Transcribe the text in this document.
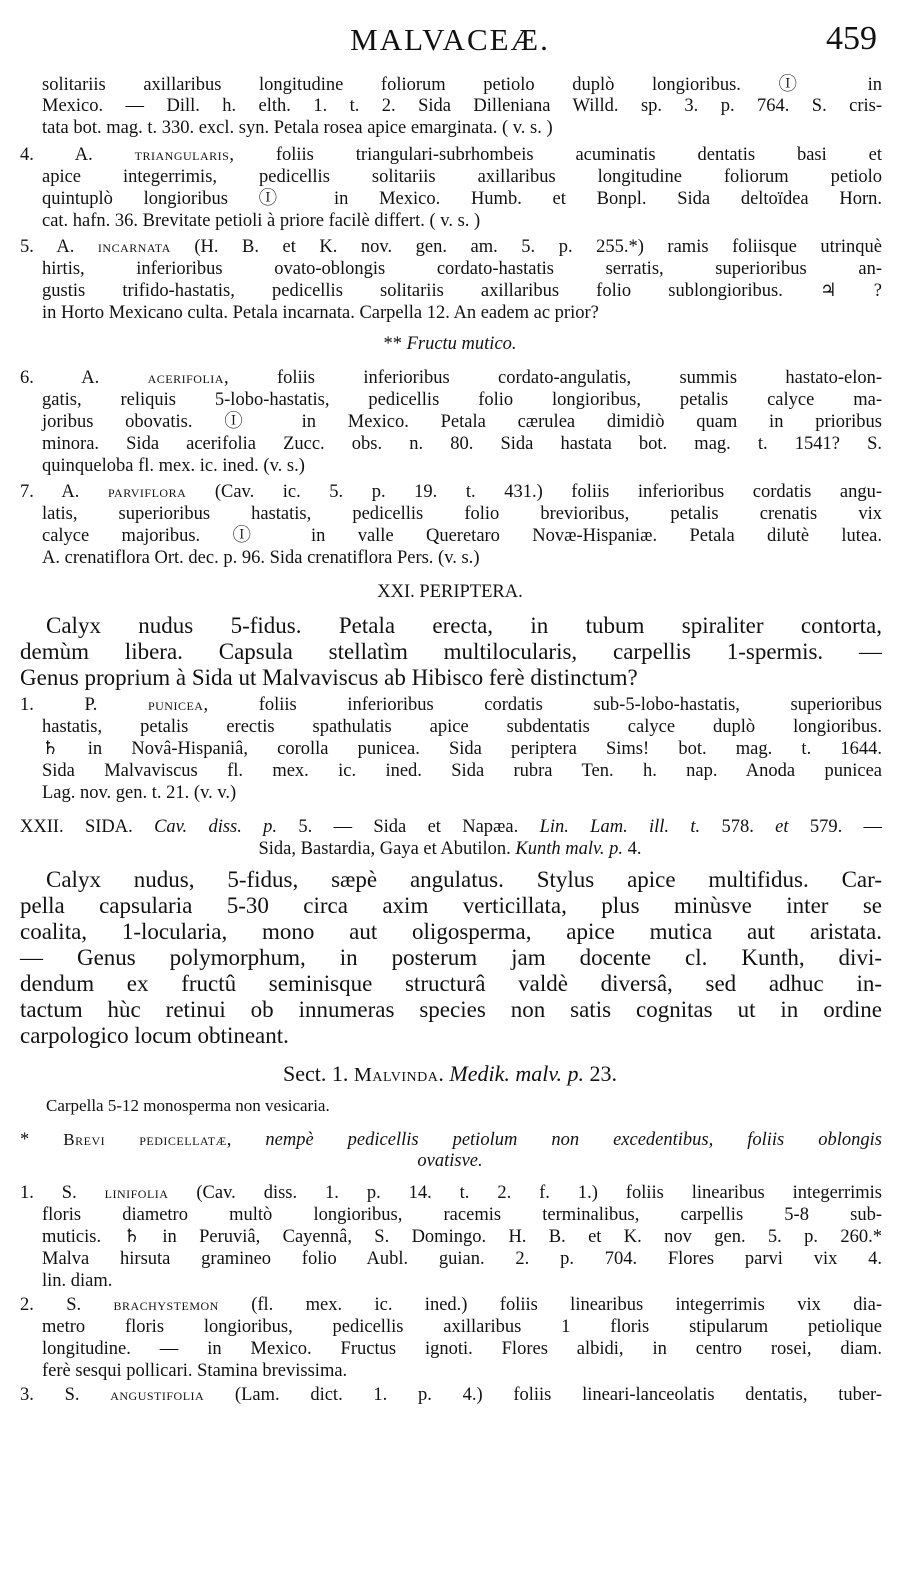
MALVACEÆ.	459
solitariis axillaribus longitudine foliorum petiolo duplò longioribus. Ⓘ in
Mexico. — Dill. h. elth. 1. t. 2. Sida Dilleniana Willd. sp. 3. p. 764. S. cris-
tata bot. mag. t. 330. excl. syn. Petala rosea apice emarginata. ( v. s. )
4. A. triangularis, foliis triangulari-subrhombeis acuminatis dentatis basi et
apice integerrimis, pedicellis solitariis axillaribus longitudine foliorum petiolo
quintuplò longioribus Ⓘ in Mexico. Humb. et Bonpl. Sida deltoïdea Horn.
cat. hafn. 36. Brevitate petioli à priore facilè differt. ( v. s. )
5. A. incarnata (H. B. et K. nov. gen. am. 5. p. 255.*) ramis foliisque utrinquè
hirtis, inferioribus ovato-oblongis cordato-hastatis serratis, superioribus an-
gustis trifido-hastatis, pedicellis solitariis axillaribus folio sublongioribus. ♃ ?
in Horto Mexicano culta. Petala incarnata. Carpella 12. An eadem ac prior?
** Fructu mutico.
6. A. acerifolia, foliis inferioribus cordato-angulatis, summis hastato-elon-
gatis, reliquis 5-lobo-hastatis, pedicellis folio longioribus, petalis calyce ma-
joribus obovatis. Ⓘ in Mexico. Petala cærulea dimidiò quam in prioribus
minora. Sida acerifolia Zucc. obs. n. 80. Sida hastata bot. mag. t. 1541? S.
quinqueloba fl. mex. ic. ined. (v. s.)
7. A. parviflora (Cav. ic. 5. p. 19. t. 431.) foliis inferioribus cordatis angu-
latis, superioribus hastatis, pedicellis folio brevioribus, petalis crenatis vix
calyce majoribus. Ⓘ in valle Queretaro Novæ-Hispaniæ. Petala dilutè lutea.
A. crenatiflora Ort. dec. p. 96. Sida crenatiflora Pers. (v. s.)
XXI. PERIPTERA.
Calyx nudus 5-fidus. Petala erecta, in tubum spiraliter contorta,
demùm libera. Capsula stellatìm multilocularis, carpellis 1-spermis. —
Genus proprium à Sida ut Malvaviscus ab Hibisco ferè distinctum?
1. P. punicea, foliis inferioribus cordatis sub-5-lobo-hastatis, superioribus
hastatis, petalis erectis spathulatis apice subdentatis calyce duplò longioribus.
♄ in Novâ-Hispaniâ, corolla punicea. Sida periptera Sims! bot. mag. t. 1644.
Sida Malvaviscus fl. mex. ic. ined. Sida rubra Ten. h. nap. Anoda punicea
Lag. nov. gen. t. 21. (v. v.)
XXII. SIDA. Cav. diss. p. 5. — Sida et Napæa. Lin. Lam. ill. t. 578. et 579. —
Sida, Bastardia, Gaya et Abutilon. Kunth malv. p. 4.
Calyx nudus, 5-fidus, sæpè angulatus. Stylus apice multifidus. Car-
pella capsularia 5-30 circa axim verticillata, plus minùsve inter se
coalita, 1-locularia, mono aut oligosperma, apice mutica aut aristata.
— Genus polymorphum, in posterum jam docente cl. Kunth, divi-
dendum ex fructû seminisque structurâ valdè diversâ, sed adhuc in-
tactum hùc retinui ob innumeras species non satis cognitas ut in ordine
carpologico locum obtineant.
Sect. 1. Malvinda. Medik. malv. p. 23.
Carpella 5-12 monosperma non vesicaria.
* Brevi pedicellatæ, nempè pedicellis petiolum non excedentibus, foliis oblongis
ovatisve.
1. S. linifolia (Cav. diss. 1. p. 14. t. 2. f. 1.) foliis linearibus integerrimis
floris diametro multò longioribus, racemis terminalibus, carpellis 5-8 sub-
muticis. ♄ in Peruviâ, Cayennâ, S. Domingo. H. B. et K. nov gen. 5. p. 260.*
Malva hirsuta gramineo folio Aubl. guian. 2. p. 704. Flores parvi vix 4.
lin. diam.
2. S. brachystemon (fl. mex. ic. ined.) foliis linearibus integerrimis vix dia-
metro floris longioribus, pedicellis axillaribus 1 floris stipularum petiolique
longitudine. — in Mexico. Fructus ignoti. Flores albidi, in centro rosei, diam.
ferè sesqui pollicari. Stamina brevissima.
3. S. angustifolia (Lam. dict. 1. p. 4.) foliis lineari-lanceolatis dentatis, tuber-
